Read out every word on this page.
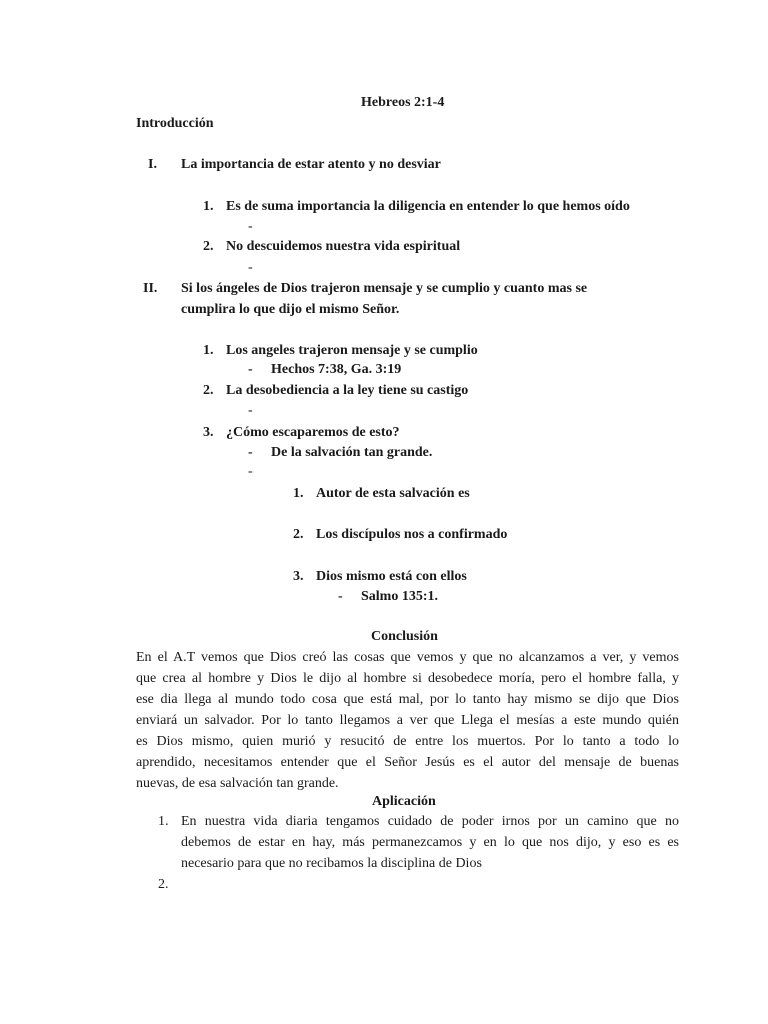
Hebreos 2:1-4
Introducción
I. La importancia de estar atento y no desviar
1. Es de suma importancia la diligencia en entender lo que hemos oído
-
2. No descuidemos nuestra vida espiritual
-
II. Si los ángeles de Dios trajeron mensaje y se cumplio y cuanto mas se
cumplira lo que dijo el mismo Señor.
1. Los angeles trajeron mensaje y se cumplio
- Hechos 7:38, Ga. 3:19
2. La desobediencia a la ley tiene su castigo
-
3. ¿Cómo escaparemos de esto?
- De la salvación tan grande.
-
1. Autor de esta salvación es
2. Los discípulos nos a confirmado
3. Dios mismo está con ellos
- Salmo 135:1.
Conclusión
En el A.T vemos que Dios creó las cosas que vemos y que no alcanzamos a ver, y vemos
que crea al hombre y Dios le dijo al hombre si desobedece moría, pero el hombre falla, y
ese dia llega al mundo todo cosa que está mal, por lo tanto hay mismo se dijo que Dios
enviará un salvador. Por lo tanto llegamos a ver que Llega el mesías a este mundo quién
es Dios mismo, quien murió y resucitó de entre los muertos. Por lo tanto a todo lo
aprendido, necesitamos entender que el Señor Jesús es el autor del mensaje de buenas
nuevas, de esa salvación tan grande.
Aplicación
1. En nuestra vida diaria tengamos cuidado de poder irnos por un camino que no
debemos de estar en hay, más permanezcamos y en lo que nos dijo, y eso es es
necesario para que no recibamos la disciplina de Dios
2.
